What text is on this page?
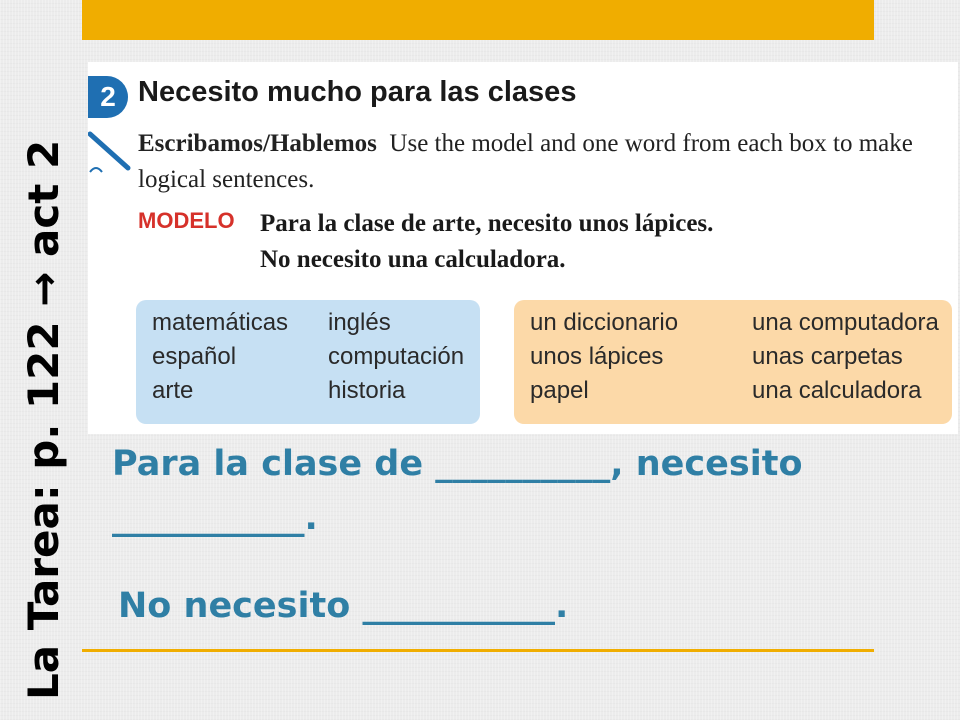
La Tarea: p. 122 → act 2
2 Necesito mucho para las clases
Escribamos/Hablemos Use the model and one word from each box to make logical sentences.
MODELO Para la clase de arte, necesito unos lápices.
No necesito una calculadora.
matemáticas inglés
español	computación
arte	historia
un diccionario	una computadora
unos lápices	unas carpetas
papel	una calculadora
Para la clase de __________, necesito
___________.
No necesito ___________.
